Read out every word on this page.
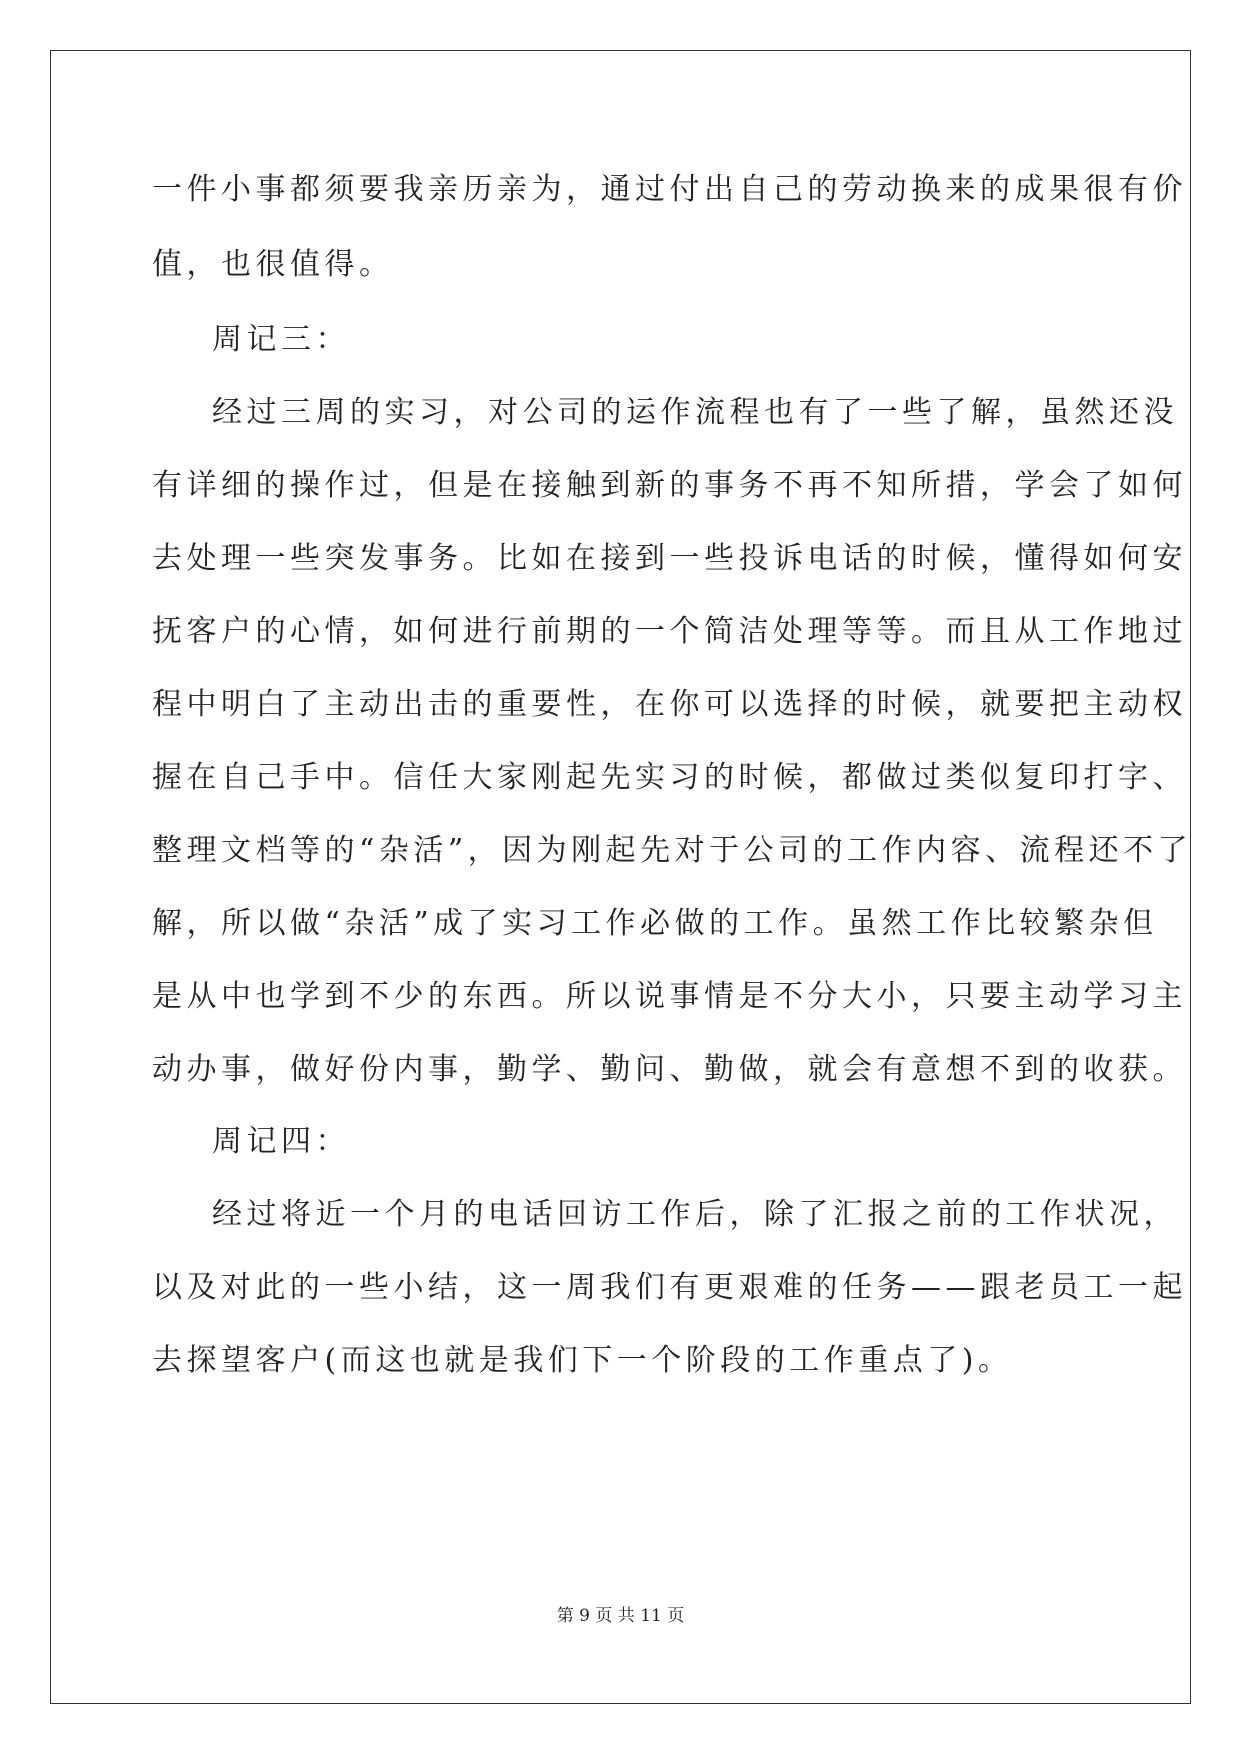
一件小事都须要我亲历亲为，通过付出自己的劳动换来的成果很有价
值，也很值得。
周记三：
经过三周的实习，对公司的运作流程也有了一些了解，虽然还没
有详细的操作过，但是在接触到新的事务不再不知所措，学会了如何
去处理一些突发事务。比如在接到一些投诉电话的时候，懂得如何安
抚客户的心情，如何进行前期的一个简洁处理等等。而且从工作地过
程中明白了主动出击的重要性，在你可以选择的时候，就要把主动权
握在自己手中。信任大家刚起先实习的时候，都做过类似复印打字、
整理文档等的“杂活”，因为刚起先对于公司的工作内容、流程还不了
解，所以做“杂活”成了实习工作必做的工作。虽然工作比较繁杂但
是从中也学到不少的东西。所以说事情是不分大小，只要主动学习主
动办事，做好份内事，勤学、勤问、勤做，就会有意想不到的收获。
周记四：
经过将近一个月的电话回访工作后，除了汇报之前的工作状况，
以及对此的一些小结，这一周我们有更艰难的任务——跟老员工一起
去探望客户(而这也就是我们下一个阶段的工作重点了)。
第 9 页 共 11 页
